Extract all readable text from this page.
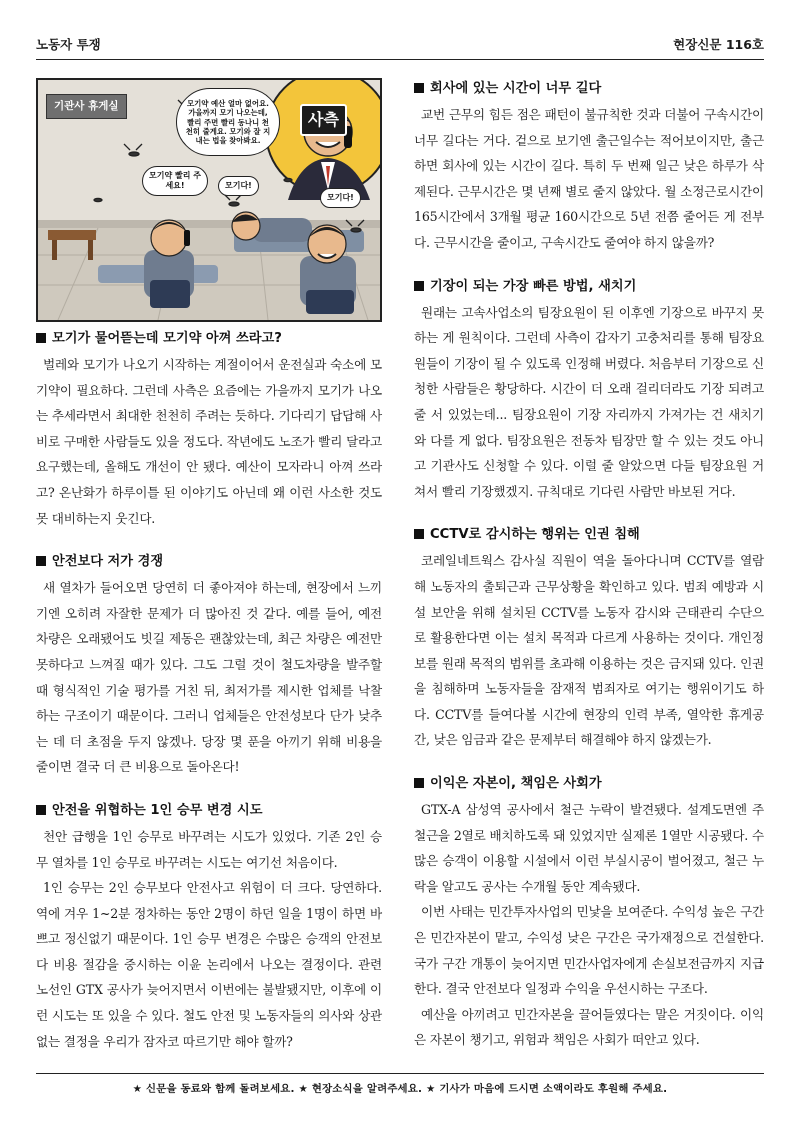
노동자 투쟁	현장신문 116호
기관사 휴게실	모기약 예산 얼마 없어요. 가을까지 모기 나오는데, 빨리 주면 빨리 동나니 천천히 줄게요. 모기와 잘 지내는 법을 찾아봐요.
사측
모기약 빨리 주세요!	모기다!
모기다!
모기가 물어뜯는데 모기약 아껴 쓰라고?

벌레와 모기가 나오기 시작하는 계절이어서 운전실과 숙소에 모기약이 필요하다. 그런데 사측은 요즘에는 가을까지 모기가 나오는 추세라면서 최대한 천천히 주려는 듯하다. 기다리기 답답해 사비로 구매한 사람들도 있을 정도다. 작년에도 노조가 빨리 달라고 요구했는데, 올해도 개선이 안 됐다. 예산이 모자라니 아껴 쓰라고? 온난화가 하루이틀 된 이야기도 아닌데 왜 이런 사소한 것도 못 대비하는지 웃긴다.

안전보다 저가 경쟁

새 열차가 들어오면 당연히 더 좋아져야 하는데, 현장에서 느끼기엔 오히려 자잘한 문제가 더 많아진 것 같다. 예를 들어, 예전 차량은 오래됐어도 빗길 제동은 괜찮았는데, 최근 차량은 예전만 못하다고 느껴질 때가 있다. 그도 그럴 것이 철도차량을 발주할 때 형식적인 기술 평가를 거친 뒤, 최저가를 제시한 업체를 낙찰하는 구조이기 때문이다. 그러니 업체들은 안전성보다 단가 낮추는 데 더 초점을 두지 않겠나. 당장 몇 푼을 아끼기 위해 비용을 줄이면 결국 더 큰 비용으로 돌아온다!

안전을 위협하는 1인 승무 변경 시도

천안 급행을 1인 승무로 바꾸려는 시도가 있었다. 기존 2인 승무 열차를 1인 승무로 바꾸려는 시도는 여기선 처음이다.

1인 승무는 2인 승무보다 안전사고 위험이 더 크다. 당연하다. 역에 겨우 1~2분 정차하는 동안 2명이 하던 일을 1명이 하면 바쁘고 정신없기 때문이다. 1인 승무 변경은 수많은 승객의 안전보다 비용 절감을 중시하는 이윤 논리에서 나오는 결정이다. 관련 노선인 GTX 공사가 늦어지면서 이번에는 불발됐지만, 이후에 이런 시도는 또 있을 수 있다. 철도 안전 및 노동자들의 의사와 상관없는 결정을 우리가 잠자코 따르기만 해야 할까?

회사에 있는 시간이 너무 길다

교번 근무의 힘든 점은 패턴이 불규칙한 것과 더불어 구속시간이 너무 길다는 거다. 겉으로 보기엔 출근일수는 적어보이지만, 출근하면 회사에 있는 시간이 길다. 특히 두 번째 일근 낮은 하루가 삭제된다. 근무시간은 몇 년째 별로 줄지 않았다. 월 소정근로시간이 165시간에서 3개월 평균 160시간으로 5년 전쯤 줄어든 게 전부다. 근무시간을 줄이고, 구속시간도 줄여야 하지 않을까?

기장이 되는 가장 빠른 방법, 새치기

원래는 고속사업소의 팀장요원이 된 이후엔 기장으로 바꾸지 못하는 게 원칙이다. 그런데 사측이 갑자기 고충처리를 통해 팀장요원들이 기장이 될 수 있도록 인정해 버렸다. 처음부터 기장으로 신청한 사람들은 황당하다. 시간이 더 오래 걸리더라도 기장 되려고 줄 서 있었는데... 팀장요원이 기장 자리까지 가져가는 건 새치기와 다를 게 없다. 팀장요원은 전동차 팀장만 할 수 있는 것도 아니고 기관사도 신청할 수 있다. 이럴 줄 알았으면 다들 팀장요원 거쳐서 빨리 기장했겠지. 규칙대로 기다린 사람만 바보된 거다.

CCTV로 감시하는 행위는 인권 침해

코레일네트웍스 감사실 직원이 역을 돌아다니며 CCTV를 열람해 노동자의 출퇴근과 근무상황을 확인하고 있다. 범죄 예방과 시설 보안을 위해 설치된 CCTV를 노동자 감시와 근태관리 수단으로 활용한다면 이는 설치 목적과 다르게 사용하는 것이다. 개인정보를 원래 목적의 범위를 초과해 이용하는 것은 금지돼 있다. 인권을 침해하며 노동자들을 잠재적 범죄자로 여기는 행위이기도 하다. CCTV를 들여다볼 시간에 현장의 인력 부족, 열악한 휴게공간, 낮은 임금과 같은 문제부터 해결해야 하지 않겠는가.

이익은 자본이, 책임은 사회가

GTX-A 삼성역 공사에서 철근 누락이 발견됐다. 설계도면엔 주철근을 2열로 배치하도록 돼 있었지만 실제론 1열만 시공됐다. 수많은 승객이 이용할 시설에서 이런 부실시공이 벌어졌고, 철근 누락을 알고도 공사는 수개월 동안 계속됐다.

이번 사태는 민간투자사업의 민낯을 보여준다. 수익성 높은 구간은 민간자본이 맡고, 수익성 낮은 구간은 국가재정으로 건설한다. 국가 구간 개통이 늦어지면 민간사업자에게 손실보전금까지 지급한다. 결국 안전보다 일정과 수익을 우선시하는 구조다.

예산을 아끼려고 민간자본을 끌어들였다는 말은 거짓이다. 이익은 자본이 챙기고, 위험과 책임은 사회가 떠안고 있다.

★ 신문을 동료와 함께 돌려보세요. ★ 현장소식을 알려주세요. ★ 기사가 마음에 드시면 소액이라도 후원해 주세요.
